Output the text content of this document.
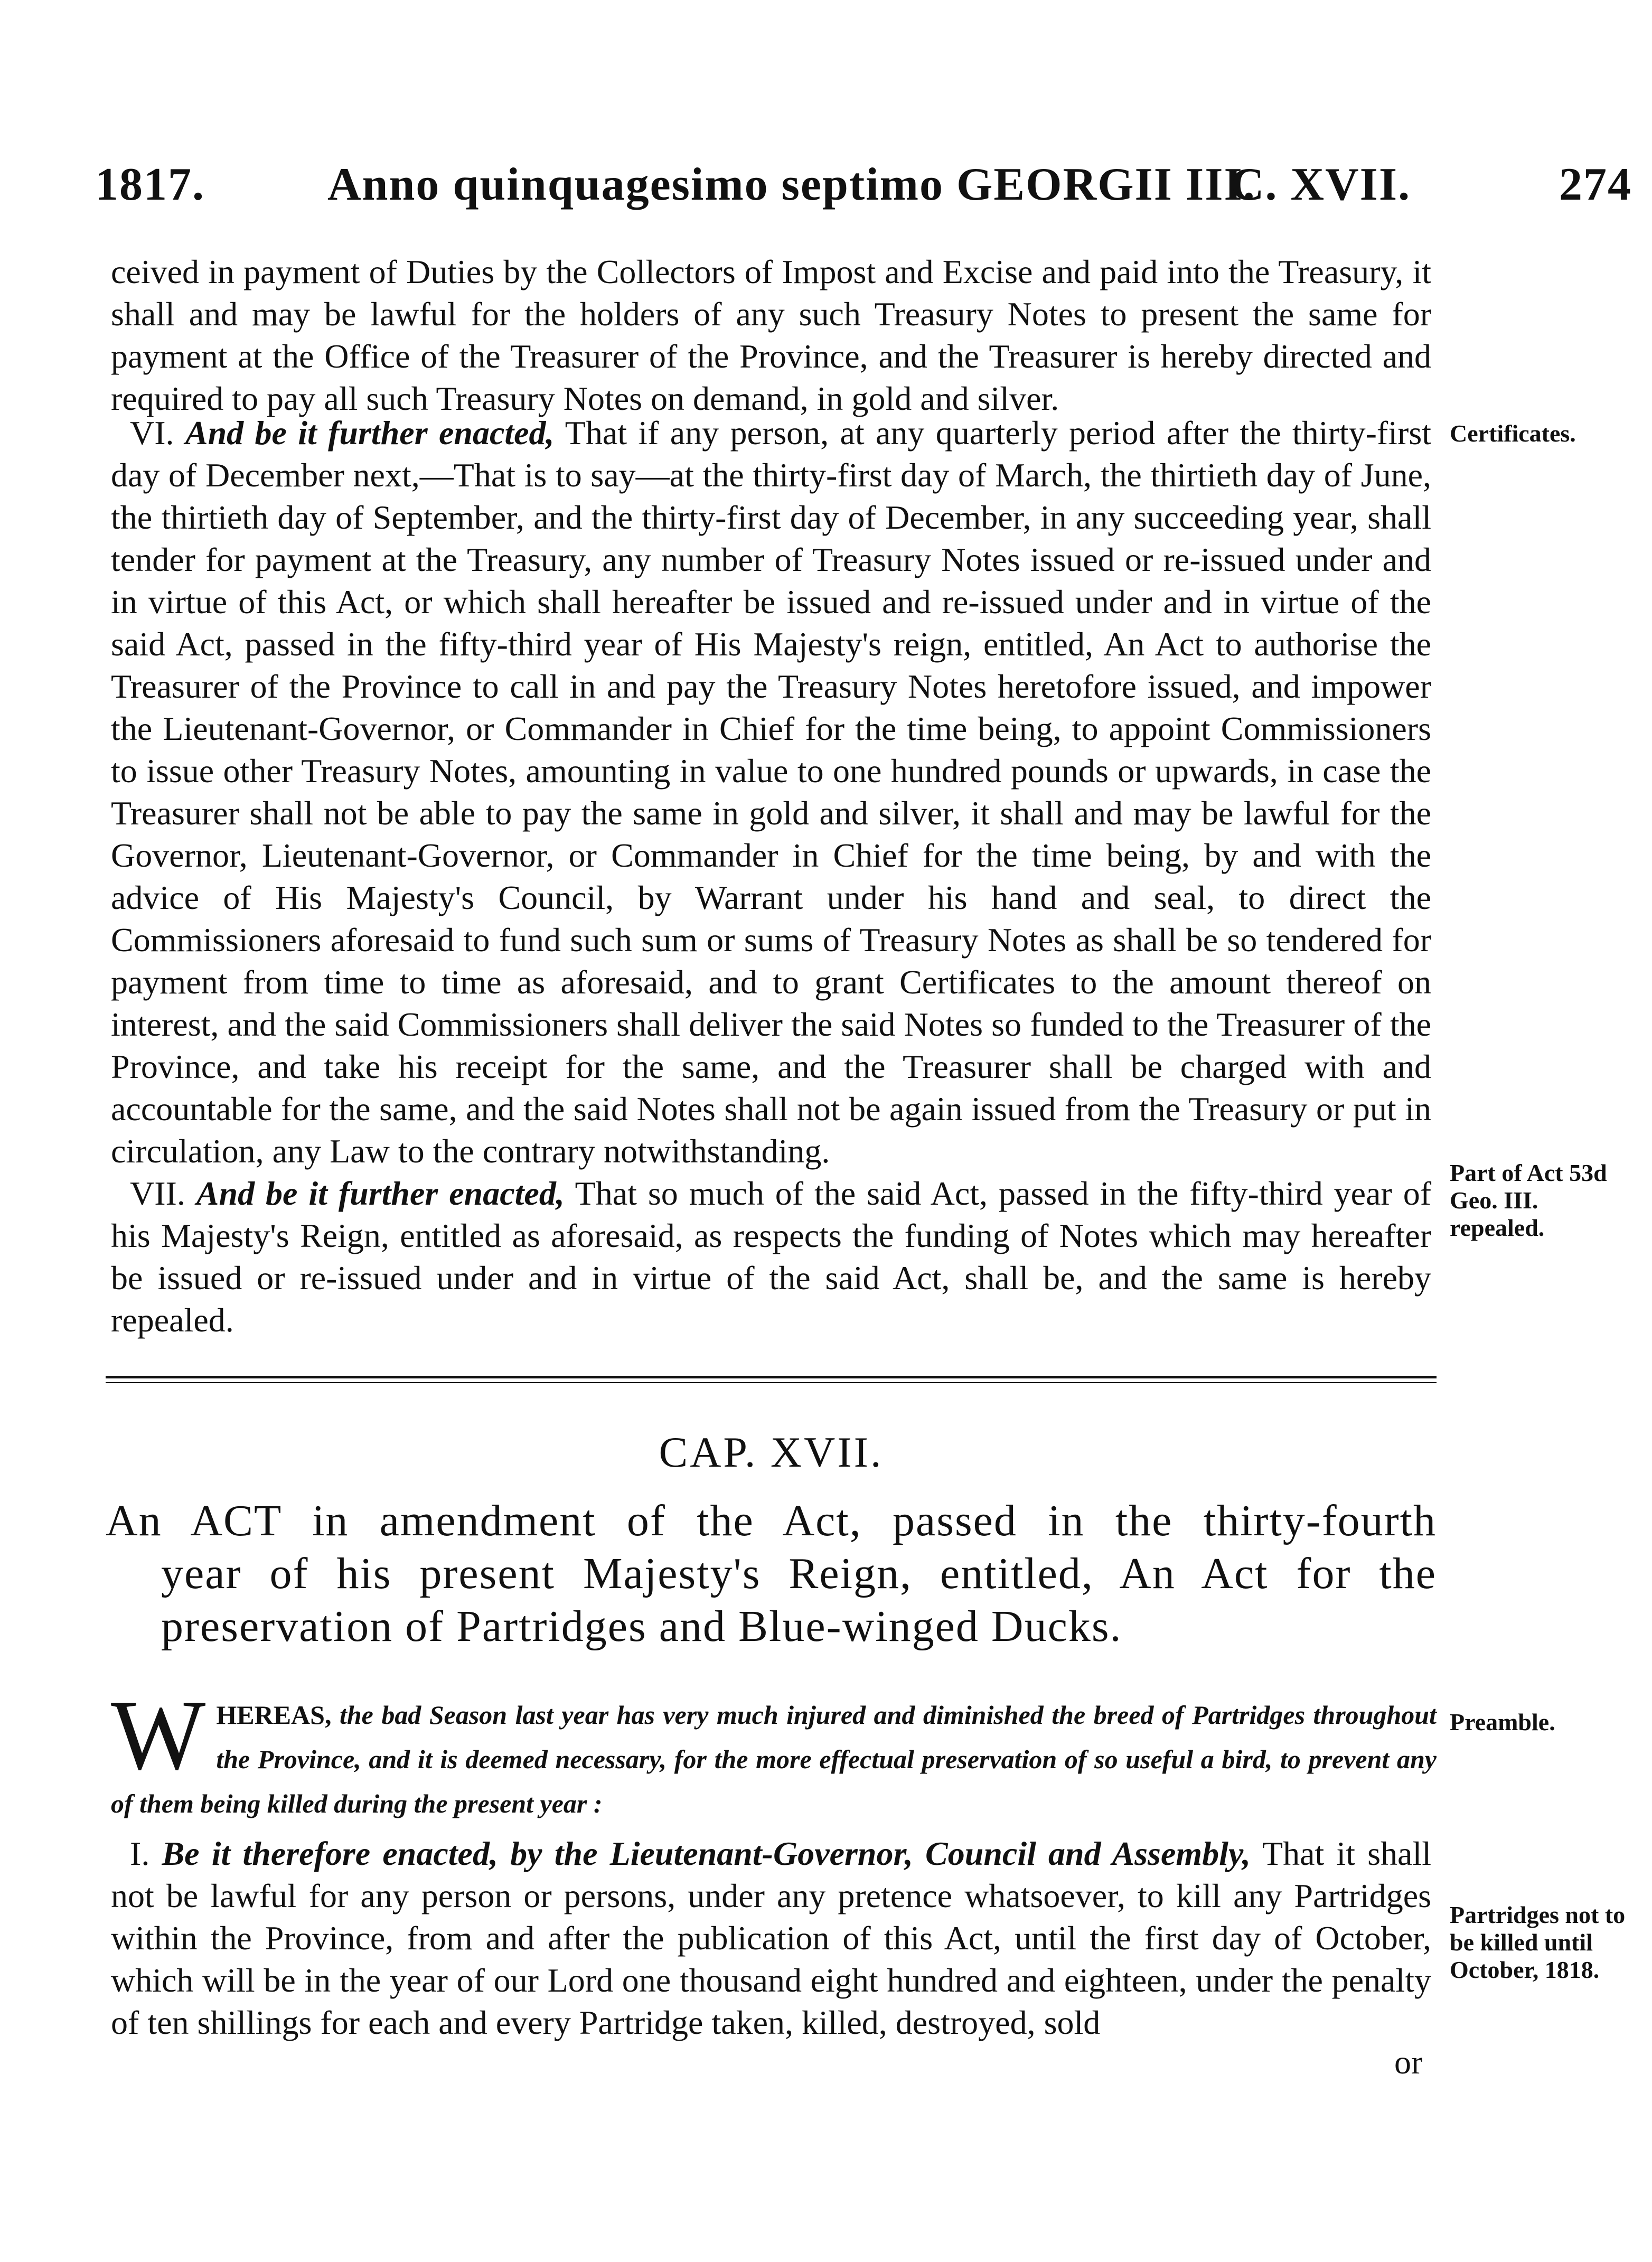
1817.	Anno quinquagesimo septimo GEORGII III.
C. XVII.	274

ceived in payment of Duties by the Collectors of Impost and Excise and paid into the Treasury, it shall and may be lawful for the holders of any such Treasury Notes to present the same for payment at the Office of the Treasurer of the Province, and the Treasurer is hereby directed and required to pay all such Treasury Notes on demand, in gold and silver.

VI. And be it further enacted, That if any person, at any quarterly period after the thirty-first day of December next,—That is to say—at the thirty-first day of March, the thirtieth day of June, the thirtieth day of September, and the thirty-first day of December, in any succeeding year, shall tender for payment at the Treasury, any number of Treasury Notes issued or re-issued under and in virtue of this Act, or which shall hereafter be issued and re-issued under and in virtue of the said Act, passed in the fifty-third year of His Majesty's reign, entitled, An Act to authorise the Treasurer of the Province to call in and pay the Treasury Notes heretofore issued, and impower the Lieutenant-Governor, or Commander in Chief for the time being, to appoint Commissioners to issue other Treasury Notes, amounting in value to one hundred pounds or upwards, in case the Treasurer shall not be able to pay the same in gold and silver, it shall and may be lawful for the Governor, Lieutenant-Governor, or Commander in Chief for the time being, by and with the advice of His Majesty's Council, by Warrant under his hand and seal, to direct the Commissioners aforesaid to fund such sum or sums of Treasury Notes as shall be so tendered for payment from time to time as aforesaid, and to grant Certificates to the amount thereof on interest, and the said Commissioners shall deliver the said Notes so funded to the Treasurer of the Province, and take his receipt for the same, and the Treasurer shall be charged with and accountable for the same, and the said Notes shall not be again issued from the Treasury or put in circulation, any Law to the contrary notwithstanding.

VII. And be it further enacted, That so much of the said Act, passed in the fifty-third year of his Majesty's Reign, entitled as aforesaid, as respects the funding of Notes which may hereafter be issued or re-issued under and in virtue of the said Act, shall be, and the same is hereby repealed.

Certificates.
Part of Act 53d Geo. III. repealed.
CAP. XVII.
An ACT in amendment of the Act, passed in the thirty-fourth
year of his present Majesty's Reign, entitled, An Act for the preservation of Partridges and Blue-winged Ducks.
W HEREAS, the bad Season last year has very much injured and diminished the breed of Partridges throughout the Province, and it is deemed necessary, for the more effectual preservation of so useful a bird, to prevent any of them being killed during the present year :
Preamble.

I. Be it therefore enacted, by the Lieutenant-Governor, Council and Assembly, That it shall not be lawful for any person or persons, under any pretence whatsoever, to kill any Partridges within the Province, from and after the publication of this Act, until the first day of October, which will be in the year of our Lord one thousand eight hundred and eighteen, under the penalty of ten shillings for each and every Partridge taken, killed, destroyed, sold

Partridges not to be killed until October, 1818.
or
